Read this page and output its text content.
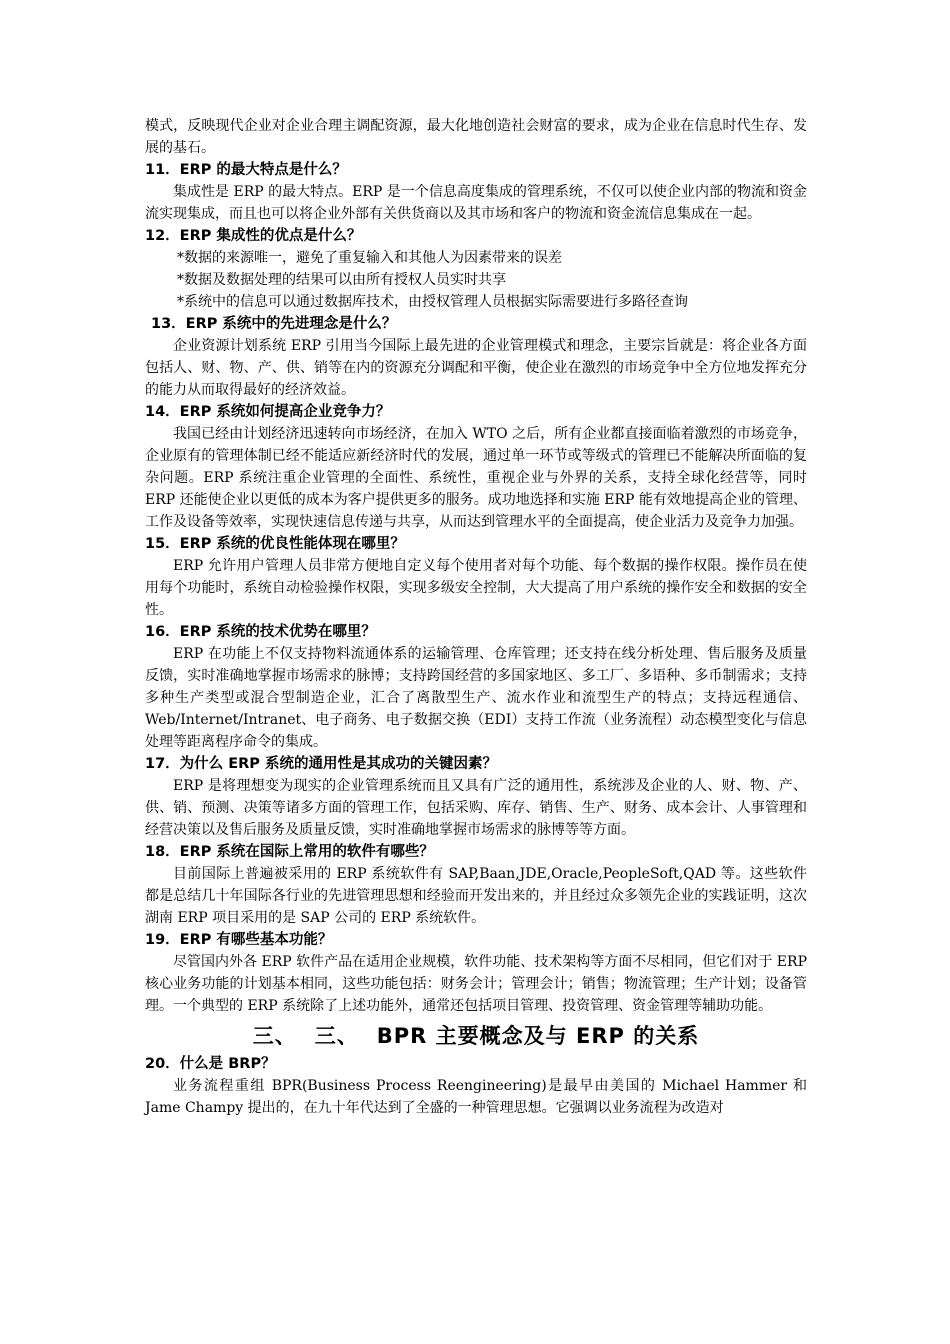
模式，反映现代企业对企业合理主调配资源，最大化地创造社会财富的要求，成为企业在信息时代生存、发展的基石。

11．ERP 的最大特点是什么？

集成性是 ERP 的最大特点。ERP 是一个信息高度集成的管理系统，不仅可以使企业内部的物流和资金流实现集成，而且也可以将企业外部有关供货商以及其市场和客户的物流和资金流信息集成在一起。

12．ERP 集成性的优点是什么？

*数据的来源唯一，避免了重复输入和其他人为因素带来的误差

*数据及数据处理的结果可以由所有授权人员实时共享

*系统中的信息可以通过数据库技术，由授权管理人员根据实际需要进行多路径查询

13．ERP 系统中的先进理念是什么？

企业资源计划系统 ERP 引用当今国际上最先进的企业管理模式和理念，主要宗旨就是：将企业各方面包括人、财、物、产、供、销等在内的资源充分调配和平衡，使企业在激烈的市场竞争中全方位地发挥充分的能力从而取得最好的经济效益。

14．ERP 系统如何提高企业竞争力？

我国已经由计划经济迅速转向市场经济，在加入 WTO 之后，所有企业都直接面临着激烈的市场竞争，企业原有的管理体制已经不能适应新经济时代的发展，通过单一环节或等级式的管理已不能解决所面临的复杂问题。ERP 系统注重企业管理的全面性、系统性，重视企业与外界的关系，支持全球化经营等，同时 ERP 还能使企业以更低的成本为客户提供更多的服务。成功地选择和实施 ERP 能有效地提高企业的管理、工作及设备等效率，实现快速信息传递与共享，从而达到管理水平的全面提高，使企业活力及竞争力加强。

15．ERP 系统的优良性能体现在哪里？

ERP 允许用户管理人员非常方便地自定义每个使用者对每个功能、每个数据的操作权限。操作员在使用每个功能时，系统自动检验操作权限，实现多级安全控制，大大提高了用户系统的操作安全和数据的安全性。

16．ERP 系统的技术优势在哪里？

ERP 在功能上不仅支持物料流通体系的运输管理、仓库管理；还支持在线分析处理、售后服务及质量反馈，实时准确地掌握市场需求的脉博；支持跨国经营的多国家地区、多工厂、多语种、多币制需求；支持多种生产类型或混合型制造企业，汇合了离散型生产、流水作业和流型生产的特点；支持远程通信、Web/Internet/Intranet、电子商务、电子数据交换（EDI）支持工作流（业务流程）动态模型变化与信息处理等距离程序命令的集成。

17．为什么 ERP 系统的通用性是其成功的关键因素？

ERP 是将理想变为现实的企业管理系统而且又具有广泛的通用性，系统涉及企业的人、财、物、产、供、销、预测、决策等诸多方面的管理工作，包括采购、库存、销售、生产、财务、成本会计、人事管理和经营决策以及售后服务及质量反馈，实时准确地掌握市场需求的脉博等等方面。

18．ERP 系统在国际上常用的软件有哪些？

目前国际上普遍被采用的 ERP 系统软件有 SAP,Baan,JDE,Oracle,PeopleSoft,QAD 等。这些软件都是总结几十年国际各行业的先进管理思想和经验而开发出来的，并且经过众多领先企业的实践证明，这次湖南 ERP 项目采用的是 SAP 公司的 ERP 系统软件。

19．ERP 有哪些基本功能？

尽管国内外各 ERP 软件产品在适用企业规模，软件功能、技术架构等方面不尽相同，但它们对于 ERP 核心业务功能的计划基本相同，这些功能包括：财务会计；管理会计；销售；物流管理；生产计划；设备管理。一个典型的 ERP 系统除了上述功能外，通常还包括项目管理、投资管理、资金管理等辅助功能。

三、 三、 BPR 主要概念及与 ERP 的关系
20．什么是 BRP？

业务流程重组 BPR(Business Process Reengineering)是最早由美国的 Michael Hammer 和 Jame Champy 提出的，在九十年代达到了全盛的一种管理思想。它强调以业务流程为改造对
